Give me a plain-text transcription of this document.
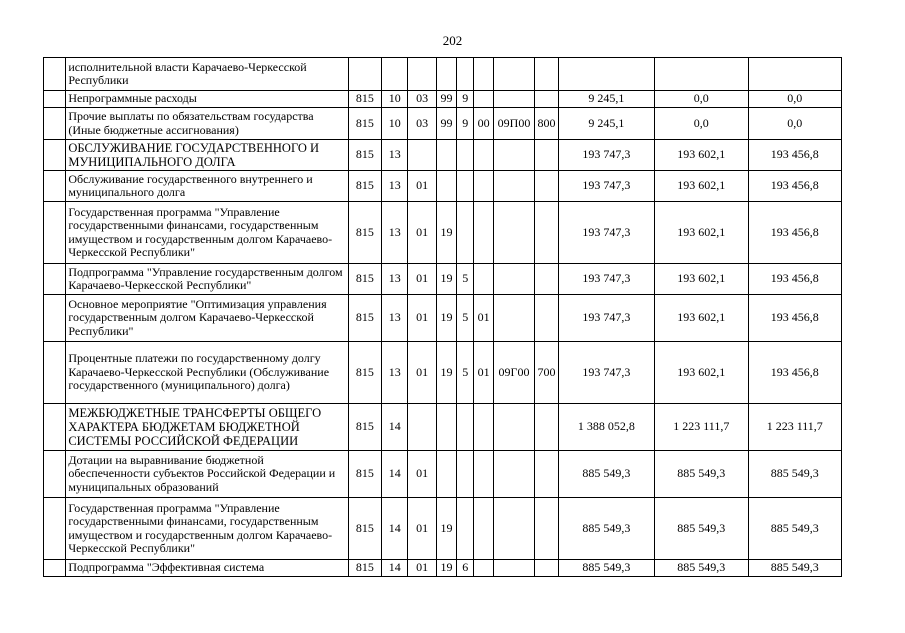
202
	исполнительной власти Карачаево-Черкесской Республики											
	Непрограммные расходы	815	10	03	99	9				9 245,1	0,0	0,0
	Прочие выплаты по обязательствам государства (Иные бюджетные ассигнования)	815	10	03	99	9	00	09П00	800	9 245,1	0,0	0,0
	ОБСЛУЖИВАНИЕ ГОСУДАРСТВЕННОГО И МУНИЦИПАЛЬНОГО ДОЛГА	815	13							193 747,3	193 602,1	193 456,8
	Обслуживание государственного внутреннего и муниципального долга	815	13	01						193 747,3	193 602,1	193 456,8
	Государственная программа "Управление государственными финансами, государственным имуществом и государственным долгом Карачаево-Черкесской Республики"	815	13	01	19					193 747,3	193 602,1	193 456,8
	Подпрограмма "Управление государственным долгом Карачаево-Черкесской Республики"	815	13	01	19	5				193 747,3	193 602,1	193 456,8
	Основное мероприятие "Оптимизация управления государственным долгом Карачаево-Черкесской Республики"	815	13	01	19	5	01			193 747,3	193 602,1	193 456,8
	Процентные платежи по государственному долгу Карачаево-Черкесской Республики (Обслуживание государственного (муниципального) долга)	815	13	01	19	5	01	09Г00	700	193 747,3	193 602,1	193 456,8
	МЕЖБЮДЖЕТНЫЕ ТРАНСФЕРТЫ ОБЩЕГО ХАРАКТЕРА БЮДЖЕТАМ БЮДЖЕТНОЙ СИСТЕМЫ РОССИЙСКОЙ ФЕДЕРАЦИИ	815	14							1 388 052,8	1 223 111,7	1 223 111,7
	Дотации на выравнивание бюджетной обеспеченности субъектов Российской Федерации и муниципальных образований	815	14	01						885 549,3	885 549,3	885 549,3
	Государственная программа "Управление государственными финансами, государственным имуществом и государственным долгом Карачаево-Черкесской Республики"	815	14	01	19					885 549,3	885 549,3	885 549,3
	Подпрограмма "Эффективная система	815	14	01	19	6				885 549,3	885 549,3	885 549,3
